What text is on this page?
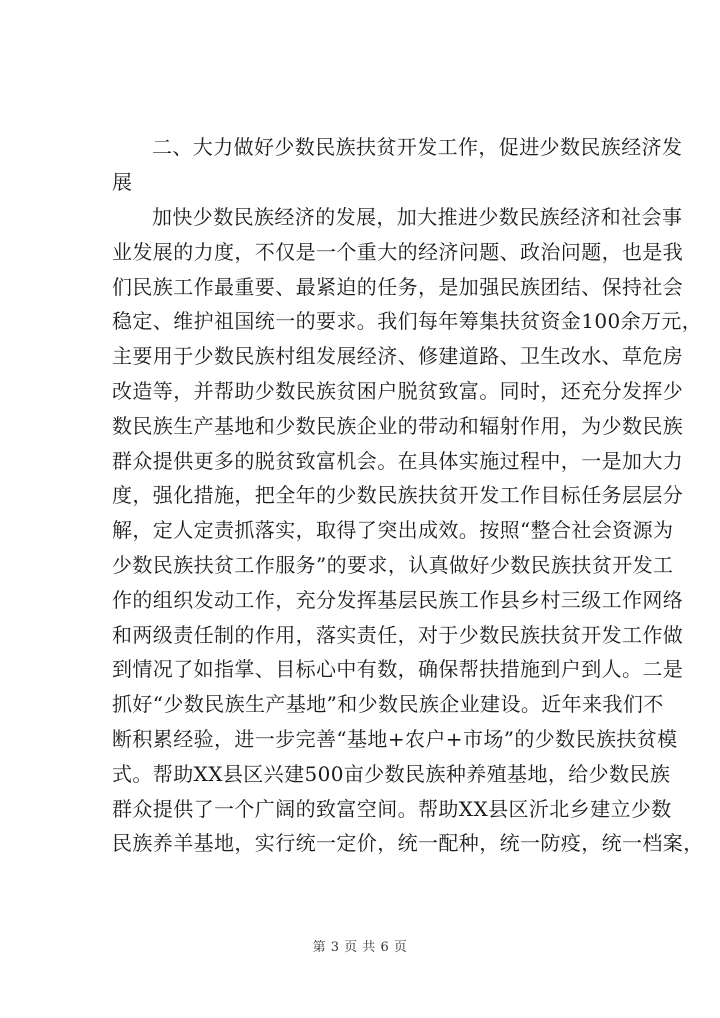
二、大力做好少数民族扶贫开发工作，促进少数民族经济发
展
加快少数民族经济的发展，加大推进少数民族经济和社会事
业发展的力度，不仅是一个重大的经济问题、政治问题，也是我
们民族工作最重要、最紧迫的任务，是加强民族团结、保持社会
稳定、维护祖国统一的要求。我们每年筹集扶贫资金100余万元，
主要用于少数民族村组发展经济、修建道路、卫生改水、草危房
改造等，并帮助少数民族贫困户脱贫致富。同时，还充分发挥少
数民族生产基地和少数民族企业的带动和辐射作用，为少数民族
群众提供更多的脱贫致富机会。在具体实施过程中，一是加大力
度，强化措施，把全年的少数民族扶贫开发工作目标任务层层分
解，定人定责抓落实，取得了突出成效。按照“整合社会资源为
少数民族扶贫工作服务”的要求，认真做好少数民族扶贫开发工
作的组织发动工作，充分发挥基层民族工作县乡村三级工作网络
和两级责任制的作用，落实责任，对于少数民族扶贫开发工作做
到情况了如指掌、目标心中有数，确保帮扶措施到户到人。二是
抓好“少数民族生产基地”和少数民族企业建设。近年来我们不
断积累经验，进一步完善“基地+农户+市场”的少数民族扶贫模
式。帮助XX县区兴建500亩少数民族种养殖基地，给少数民族
群众提供了一个广阔的致富空间。帮助XX县区沂北乡建立少数
民族养羊基地，实行统一定价，统一配种，统一防疫，统一档案，
第 3 页 共 6 页
